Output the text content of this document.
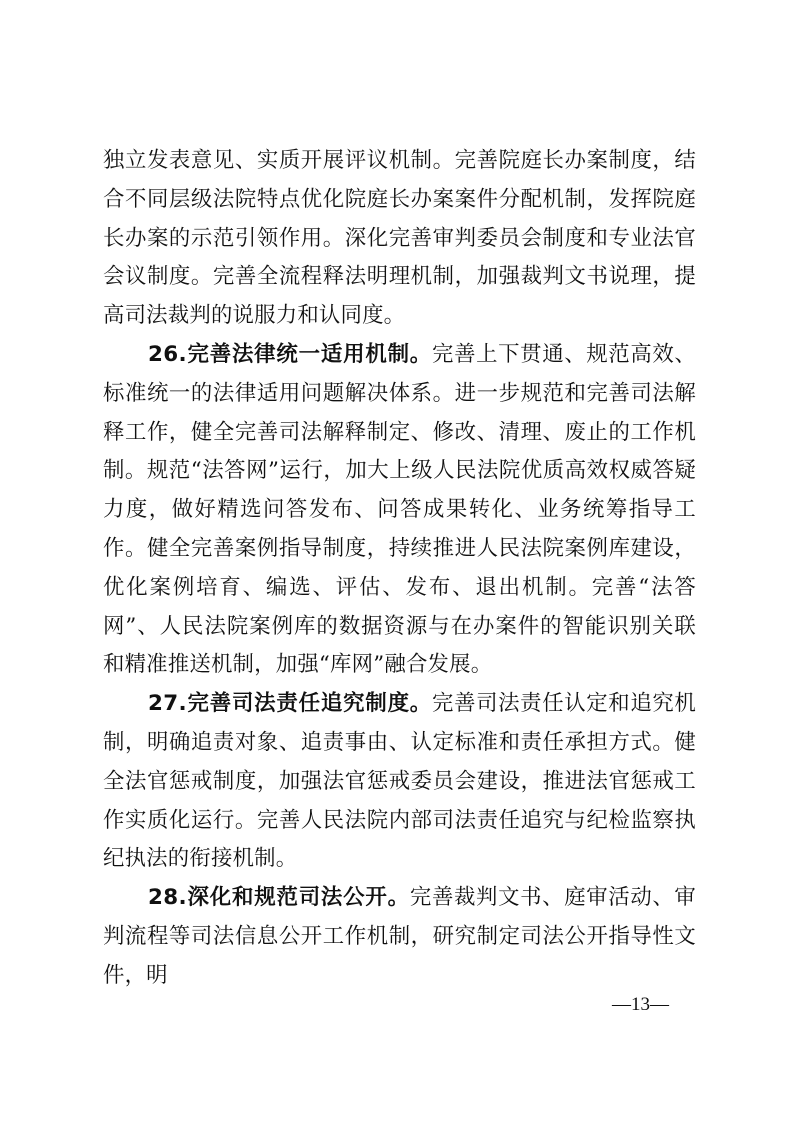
独立发表意见、实质开展评议机制。完善院庭长办案制度，结合不同层级法院特点优化院庭长办案案件分配机制，发挥院庭长办案的示范引领作用。深化完善审判委员会制度和专业法官会议制度。完善全流程释法明理机制，加强裁判文书说理，提高司法裁判的说服力和认同度。

26.完善法律统一适用机制。完善上下贯通、规范高效、标准统一的法律适用问题解决体系。进一步规范和完善司法解释工作，健全完善司法解释制定、修改、清理、废止的工作机制。规范“法答网”运行，加大上级人民法院优质高效权威答疑力度，做好精选问答发布、问答成果转化、业务统筹指导工作。健全完善案例指导制度，持续推进人民法院案例库建设，优化案例培育、编选、评估、发布、退出机制。完善“法答网”、人民法院案例库的数据资源与在办案件的智能识别关联和精准推送机制，加强“库网”融合发展。

27.完善司法责任追究制度。完善司法责任认定和追究机制，明确追责对象、追责事由、认定标准和责任承担方式。健全法官惩戒制度，加强法官惩戒委员会建设，推进法官惩戒工作实质化运行。完善人民法院内部司法责任追究与纪检监察执纪执法的衔接机制。

28.深化和规范司法公开。完善裁判文书、庭审活动、审判流程等司法信息公开工作机制，研究制定司法公开指导性文件，明

—13—
